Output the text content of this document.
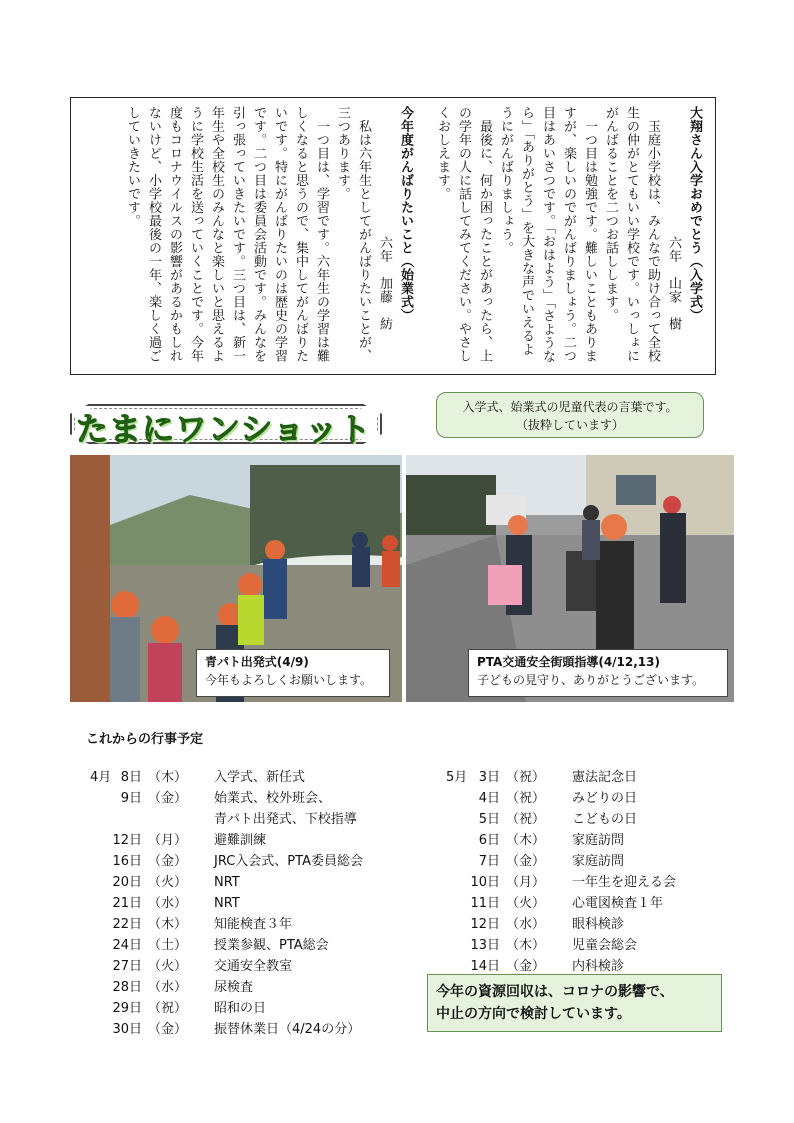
大翔さん入学おめでとう（入学式）

六年　山家　樹

　玉庭小学校は、みんなで助け合って全校生の仲がとてもいい学校です。いっしょにがんばることを二つお話しします。

　一つ目は勉強です。難しいこともありますが、楽しいのでがんばりましょう。二つ目はあいさつです。「おはよう」「さようなら」「ありがとう」を大きな声でいえるようにがんばりましょう。

　最後に、何か困ったことがあったら、上の学年の人に話してみてください。やさしくおしえます。

今年度がんばりたいこと（始業式）

六年　加藤　紡

　私は六年生としてがんばりたいことが、三つあります。

　一つ目は、学習です。六年生の学習は難しくなると思うので、集中してがんばりたいです。特にがんばりたいのは歴史の学習です。二つ目は委員会活動です。みんなを引っ張っていきたいです。三つ目は、新一年生や全校生のみんなと楽しいと思えるように学校生活を送っていくことです。今年度もコロナウイルスの影響があるかもしれないけど、小学校最後の一年、楽しく過ごしていきたいです。

入学式、始業式の児童代表の言葉です。
（抜粋しています）
たまにワンショット
青パト出発式(4/9)
今年もよろしくお願いします。
PTA交通安全街頭指導(4/12,13)
子どもの見守り、ありがとうございます。
これからの行事予定
4月 8日 （木） 入学式、新任式
9日 （金） 始業式、校外班会、
青パト出発式、下校指導
12日 （月） 避難訓練
16日 （金） JRC入会式、PTA委員総会
20日 （火） NRT
21日 （水） NRT
22日 （木） 知能検査３年
24日 （土） 授業参観、PTA総会
27日 （火） 交通安全教室
28日 （水） 尿検査
29日 （祝） 昭和の日
30日 （金） 振替休業日（4/24の分）
5月 3日 （祝） 憲法記念日
4日 （祝） みどりの日
5日 （祝） こどもの日
6日 （木） 家庭訪問
7日 （金） 家庭訪問
10日 （月） 一年生を迎える会
11日 （火） 心電図検査１年
12日 （水） 眼科検診
13日 （木） 児童会総会
14日 （金） 内科検診
今年の資源回収は、コロナの影響で、
中止の方向で検討しています。
